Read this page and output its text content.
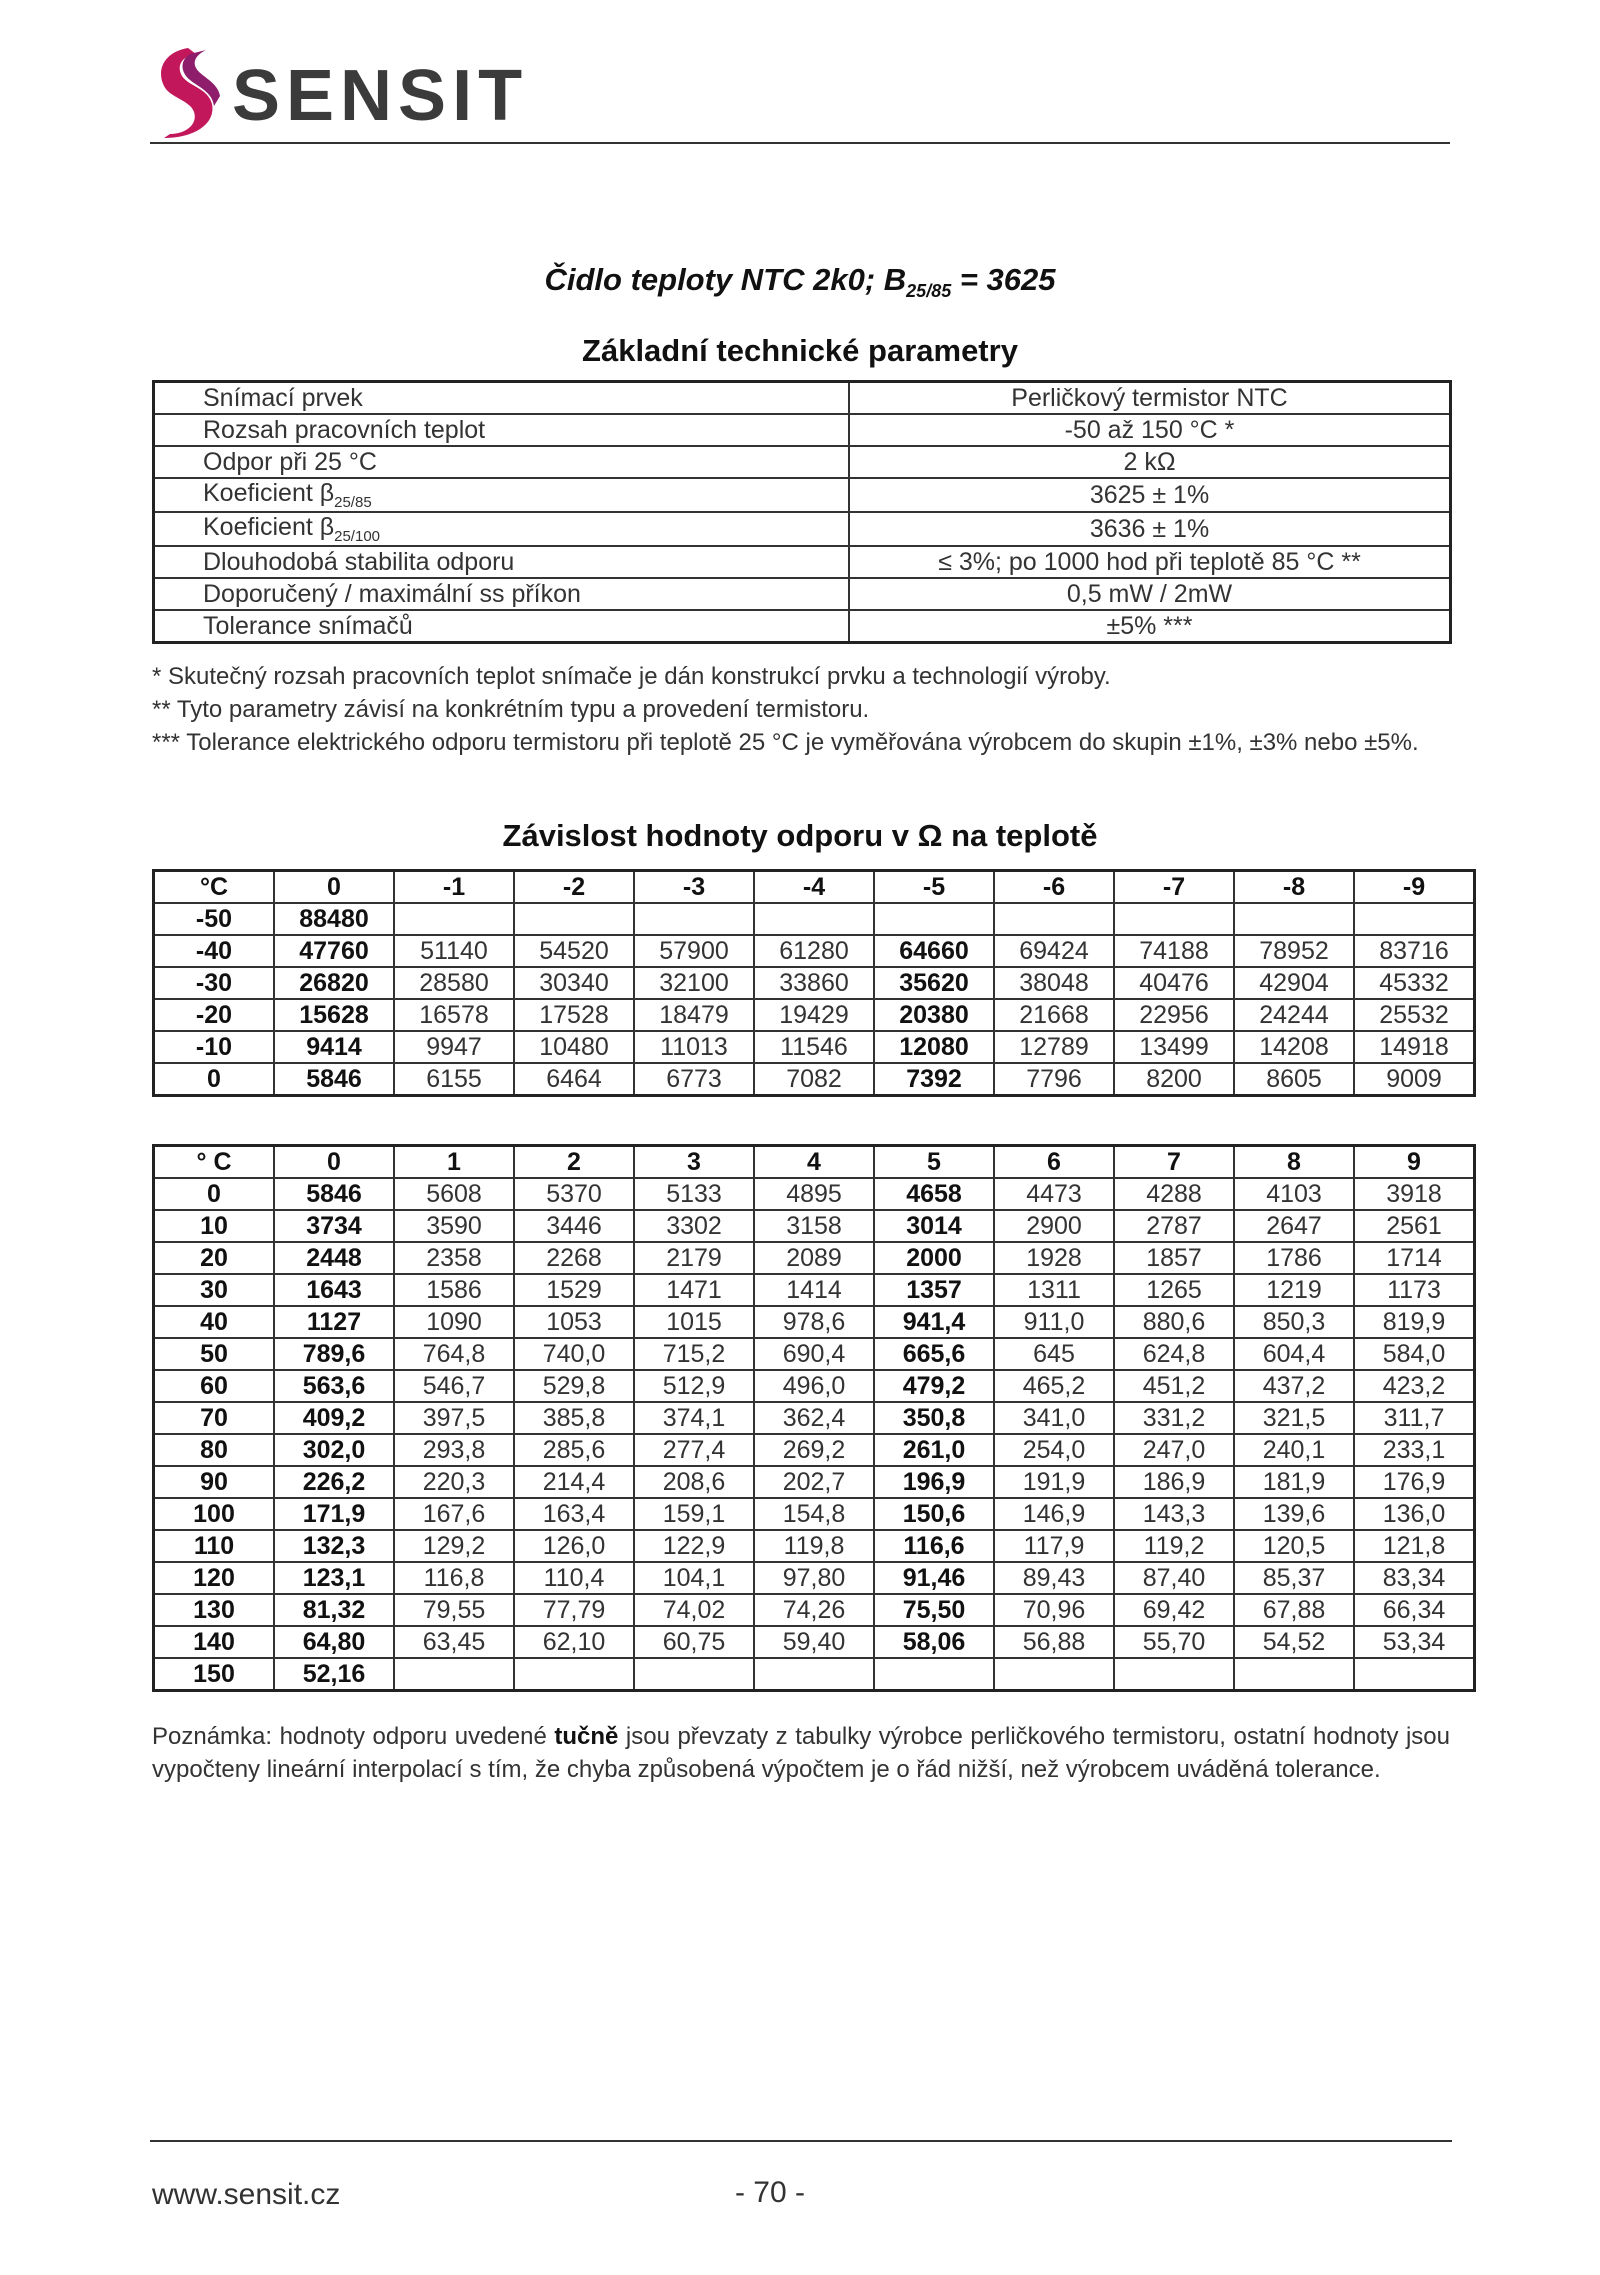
SENSIT
Čidlo teploty NTC 2k0; $B_{25/85} = 3625$
Základní technické parametry
Snímací prvek	Perličkový termistor NTC
Rozsah pracovních teplot	-50 až 150 °C *
Odpor při 25 °C	2 kΩ
Koeficient $\beta_{25/85}$	3625 ± 1%
Koeficient $\beta_{25/100}$	3636 ± 1%
Dlouhodobá stabilita odporu	≤ 3%; po 1000 hod při teplotě 85 °C **
Doporučený / maximální ss příkon	0,5 mW / 2mW
Tolerance snímačů	±5% ***
* Skutečný rozsah pracovních teplot snímače je dán konstrukcí prvku a technologií výroby.
** Tyto parametry závisí na konkrétním typu a provedení termistoru.
*** Tolerance elektrického odporu termistoru při teplotě 25 °C je vyměřována výrobcem do skupin ±1%, ±3% nebo ±5%.
Závislost hodnoty odporu v Ω na teplotě
°C	0	-1	-2	-3	-4	-5	-6	-7	-8	-9
-50	88480									
-40	47760	51140	54520	57900	61280	64660	69424	74188	78952	83716
-30	26820	28580	30340	32100	33860	35620	38048	40476	42904	45332
-20	15628	16578	17528	18479	19429	20380	21668	22956	24244	25532
-10	9414	9947	10480	11013	11546	12080	12789	13499	14208	14918
0	5846	6155	6464	6773	7082	7392	7796	8200	8605	9009
° C	0	1	2	3	4	5	6	7	8	9
0	5846	5608	5370	5133	4895	4658	4473	4288	4103	3918
10	3734	3590	3446	3302	3158	3014	2900	2787	2647	2561
20	2448	2358	2268	2179	2089	2000	1928	1857	1786	1714
30	1643	1586	1529	1471	1414	1357	1311	1265	1219	1173
40	1127	1090	1053	1015	978,6	941,4	911,0	880,6	850,3	819,9
50	789,6	764,8	740,0	715,2	690,4	665,6	645	624,8	604,4	584,0
60	563,6	546,7	529,8	512,9	496,0	479,2	465,2	451,2	437,2	423,2
70	409,2	397,5	385,8	374,1	362,4	350,8	341,0	331,2	321,5	311,7
80	302,0	293,8	285,6	277,4	269,2	261,0	254,0	247,0	240,1	233,1
90	226,2	220,3	214,4	208,6	202,7	196,9	191,9	186,9	181,9	176,9
100	171,9	167,6	163,4	159,1	154,8	150,6	146,9	143,3	139,6	136,0
110	132,3	129,2	126,0	122,9	119,8	116,6	117,9	119,2	120,5	121,8
120	123,1	116,8	110,4	104,1	97,80	91,46	89,43	87,40	85,37	83,34
130	81,32	79,55	77,79	74,02	74,26	75,50	70,96	69,42	67,88	66,34
140	64,80	63,45	62,10	60,75	59,40	58,06	56,88	55,70	54,52	53,34
150	52,16									
Poznámka: hodnoty odporu uvedené tučně jsou převzaty z tabulky výrobce perličkového termistoru, ostatní hodnoty jsou vypočteny lineární interpolací s tím, že chyba způsobená výpočtem je o řád nižší, než výrobcem uváděná tolerance.
www.sensit.cz	- 70 -
